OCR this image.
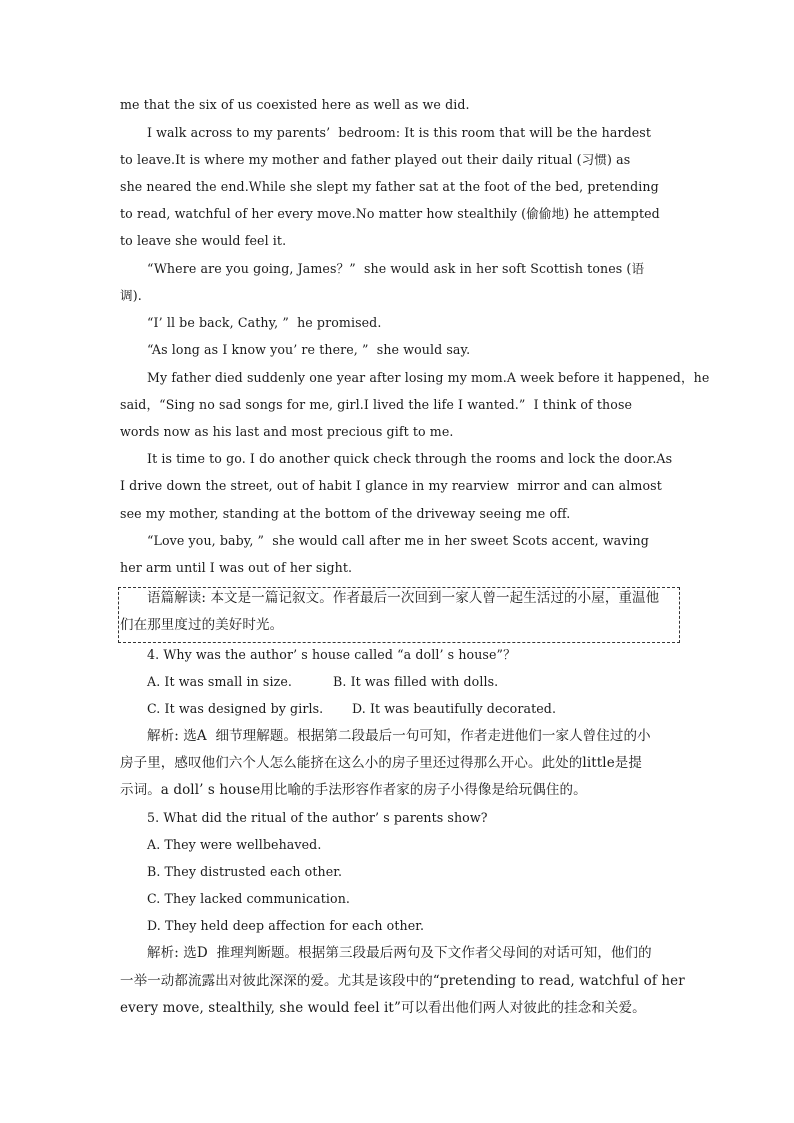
me that the six of us coexisted here as well as we did.
I walk across to my parents’  bedroom: It is this room that will be the hardest
to leave.It is where my mother and father played out their daily ritual (习惯) as
she neared the end.While she slept my father sat at the foot of the bed, pretending
to read, watchful of her every move.No matter how stealthily (偷偷地) he attempted
to leave she would feel it.
“Where are you going, James？”  she would ask in her soft Scottish tones (语
调).
“I’ ll be back, Cathy, ”  he promised.
“As long as I know you’ re there, ”  she would say.
My father died suddenly one year after losing my mom.A week before it happened，he
said，“Sing no sad songs for me, girl.I lived the life I wanted.”  I think of those
words now as his last and most precious gift to me.
It is time to go. I do another quick check through the rooms and lock the door.As
I drive down the street, out of habit I glance in my rearview  mirror and can almost
see my mother, standing at the bottom of the driveway seeing me off.
“Love you, baby, ”  she would call after me in her sweet Scots accent, waving
her arm until I was out of her sight.
语篇解读: 本文是一篇记叙文。作者最后一次回到一家人曾一起生活过的小屋，重温他
们在那里度过的美好时光。
4. Why was the author’ s house called “a doll’ s house”？
A. It was small in size.          B. It was filled with dolls.
C. It was designed by girls.       D. It was beautifully decorated.
解析: 选A  细节理解题。根据第二段最后一句可知，作者走进他们一家人曾住过的小
房子里，感叹他们六个人怎么能挤在这么小的房子里还过得那么开心。此处的little是提
示词。a doll’ s house用比喻的手法形容作者家的房子小得像是给玩偶住的。
5. What did the ritual of the author’ s parents show?
A. They were wellbehaved.
B. They distrusted each other.
C. They lacked communication.
D. They held deep affection for each other.
解析: 选D  推理判断题。根据第三段最后两句及下文作者父母间的对话可知，他们的
一举一动都流露出对彼此深深的爱。尤其是该段中的“pretending to read, watchful of her
every move, stealthily, she would feel it”可以看出他们两人对彼此的挂念和关爱。
